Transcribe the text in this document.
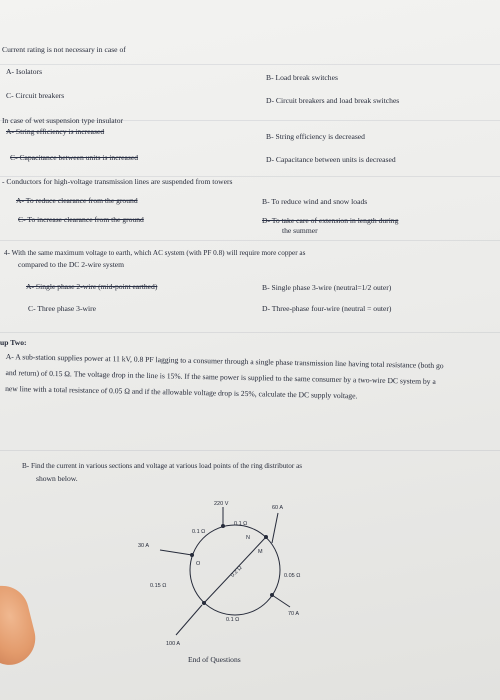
Current rating is not necessary in case of
A- Isolators
B- Load break switches
C- Circuit breakers
D- Circuit breakers and load break switches
In case of wet suspension type insulator
A- String efficiency is increased
B- String efficiency is decreased
C- Capacitance between units is increased	D- Capacitance between units is decreased
- Conductors for high-voltage transmission lines are suspended from towers
A- To reduce clearance from the ground	B- To reduce wind and snow loads
C- To increase clearance from the ground	D- To take care of extension in length during
the summer
4- With the same maximum voltage to earth, which AC system (with PF 0.8) will require more copper as
compared to the DC 2-wire system
A- Single phase 2-wire (mid-point earthed)	B- Single phase 3-wire (neutral=1/2 outer)
C- Three phase 3-wire	D- Three-phase four-wire (neutral = outer)
up Two:
A- A sub-station supplies power at 11 kV, 0.8 PF lagging to a consumer through a single phase transmission line having total resistance (both go and return) of 0.15 Ω. The voltage drop in the line is 15%. If the same power is supplied to the same consumer by a two-wire DC system by a new line with a total resistance of 0.05 Ω and if the allowable voltage drop is 25%, calculate the DC supply voltage.
B- Find the current in various sections and voltage at various load points of the ring distributor as
shown below.
220 V
60 A
30 A
70 A
100 A
0.1 Ω
0.1 Ω
0.05 Ω
0.15 Ω
0.1 Ω
0.2 Ω
M
N
O
End of Questions
